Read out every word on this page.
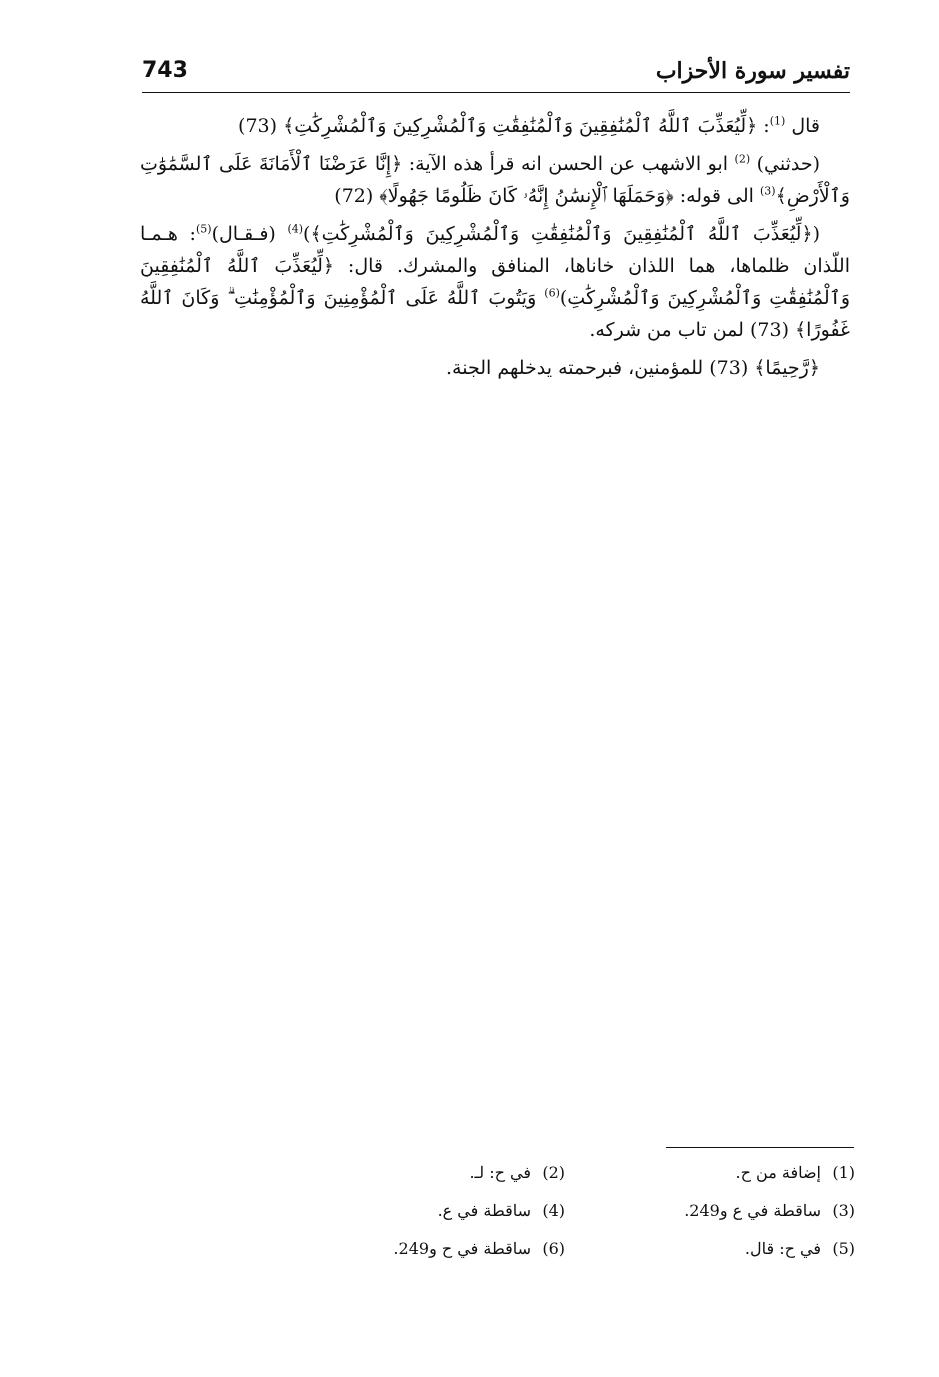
743	تفسير سورة الأحزاب

قال $^{(1)}$: ﴿لِّيُعَذِّبَ ٱللَّهُ ٱلْمُنَٰفِقِينَ وَٱلْمُنَٰفِقَٰتِ وَٱلْمُشْرِكِينَ وَٱلْمُشْرِكَٰتِ﴾ (73)

(حدثني) $^{(2)}$ ابو الاشهب عن الحسن انه قرأ هذه الآية: ﴿إِنَّا عَرَضْنَا ٱلْأَمَانَةَ عَلَى ٱلسَّمَٰوَٰتِ وَٱلْأَرْضِ﴾$^{(3)}$ الى قوله: ﴿وَحَمَلَهَا ٱلْإِنسَٰنُ إِنَّهُۥ كَانَ ظَلُومًا جَهُولًا﴾ (72)

(﴿لِّيُعَذِّبَ ٱللَّهُ ٱلْمُنَٰفِقِينَ وَٱلْمُنَٰفِقَٰتِ وَٱلْمُشْرِكِينَ وَٱلْمُشْرِكَٰتِ﴾)$^{(4)}$ (فـقـال)$^{(5)}$: هـمـا اللّذان ظلماها، هما اللذان خاناها، المنافق والمشرك. قال: ﴿لِّيُعَذِّبَ ٱللَّهُ ٱلْمُنَٰفِقِينَ وَٱلْمُنَٰفِقَٰتِ وَٱلْمُشْرِكِينَ وَٱلْمُشْرِكَٰتِ)$^{(6)}$ وَيَتُوبَ ٱللَّهُ عَلَى ٱلْمُؤْمِنِينَ وَٱلْمُؤْمِنَٰتِ ۗ وَكَانَ ٱللَّهُ غَفُورًا﴾ (73) لمن تاب من شركه.

﴿رَّحِيمًا﴾ (73) للمؤمنين، فبرحمته يدخلهم الجنة.

(1)إضافة من ح.
(2)في ح: لـ.
(3)ساقطة في ع و249.
(4)ساقطة في ع.
(5)في ح: قال.
(6)ساقطة في ح و249.
